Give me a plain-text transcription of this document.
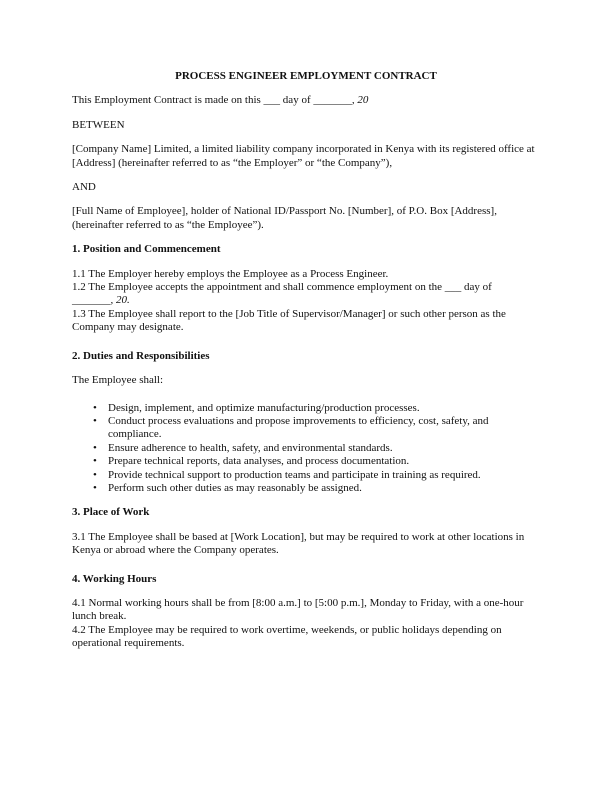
PROCESS ENGINEER EMPLOYMENT CONTRACT

This Employment Contract is made on this ___ day of _______, 20

BETWEEN

[Company Name] Limited, a limited liability company incorporated in Kenya with its registered office at [Address] (hereinafter referred to as “the Employer” or “the Company”),

AND

[Full Name of Employee], holder of National ID/Passport No. [Number], of P.O. Box [Address], (hereinafter referred to as “the Employee”).

1. Position and Commencement
1.1 The Employer hereby employs the Employee as a Process Engineer.
1.2 The Employee accepts the appointment and shall commence employment on the ___ day of
_______, 20.
1.3 The Employee shall report to the [Job Title of Supervisor/Manager] or such other person as the Company may designate.
2. Duties and Responsibilities

The Employee shall:

• Design, implement, and optimize manufacturing/production processes.
• Conduct process evaluations and propose improvements to efficiency, cost, safety, and compliance.
• Ensure adherence to health, safety, and environmental standards.
• Prepare technical reports, data analyses, and process documentation.
• Provide technical support to production teams and participate in training as required.
• Perform such other duties as may reasonably be assigned.
3. Place of Work
3.1 The Employee shall be based at [Work Location], but may be required to work at other locations in Kenya or abroad where the Company operates.
4. Working Hours
4.1 Normal working hours shall be from [8:00 a.m.] to [5:00 p.m.], Monday to Friday, with a one-hour lunch break.
4.2 The Employee may be required to work overtime, weekends, or public holidays depending on operational requirements.
